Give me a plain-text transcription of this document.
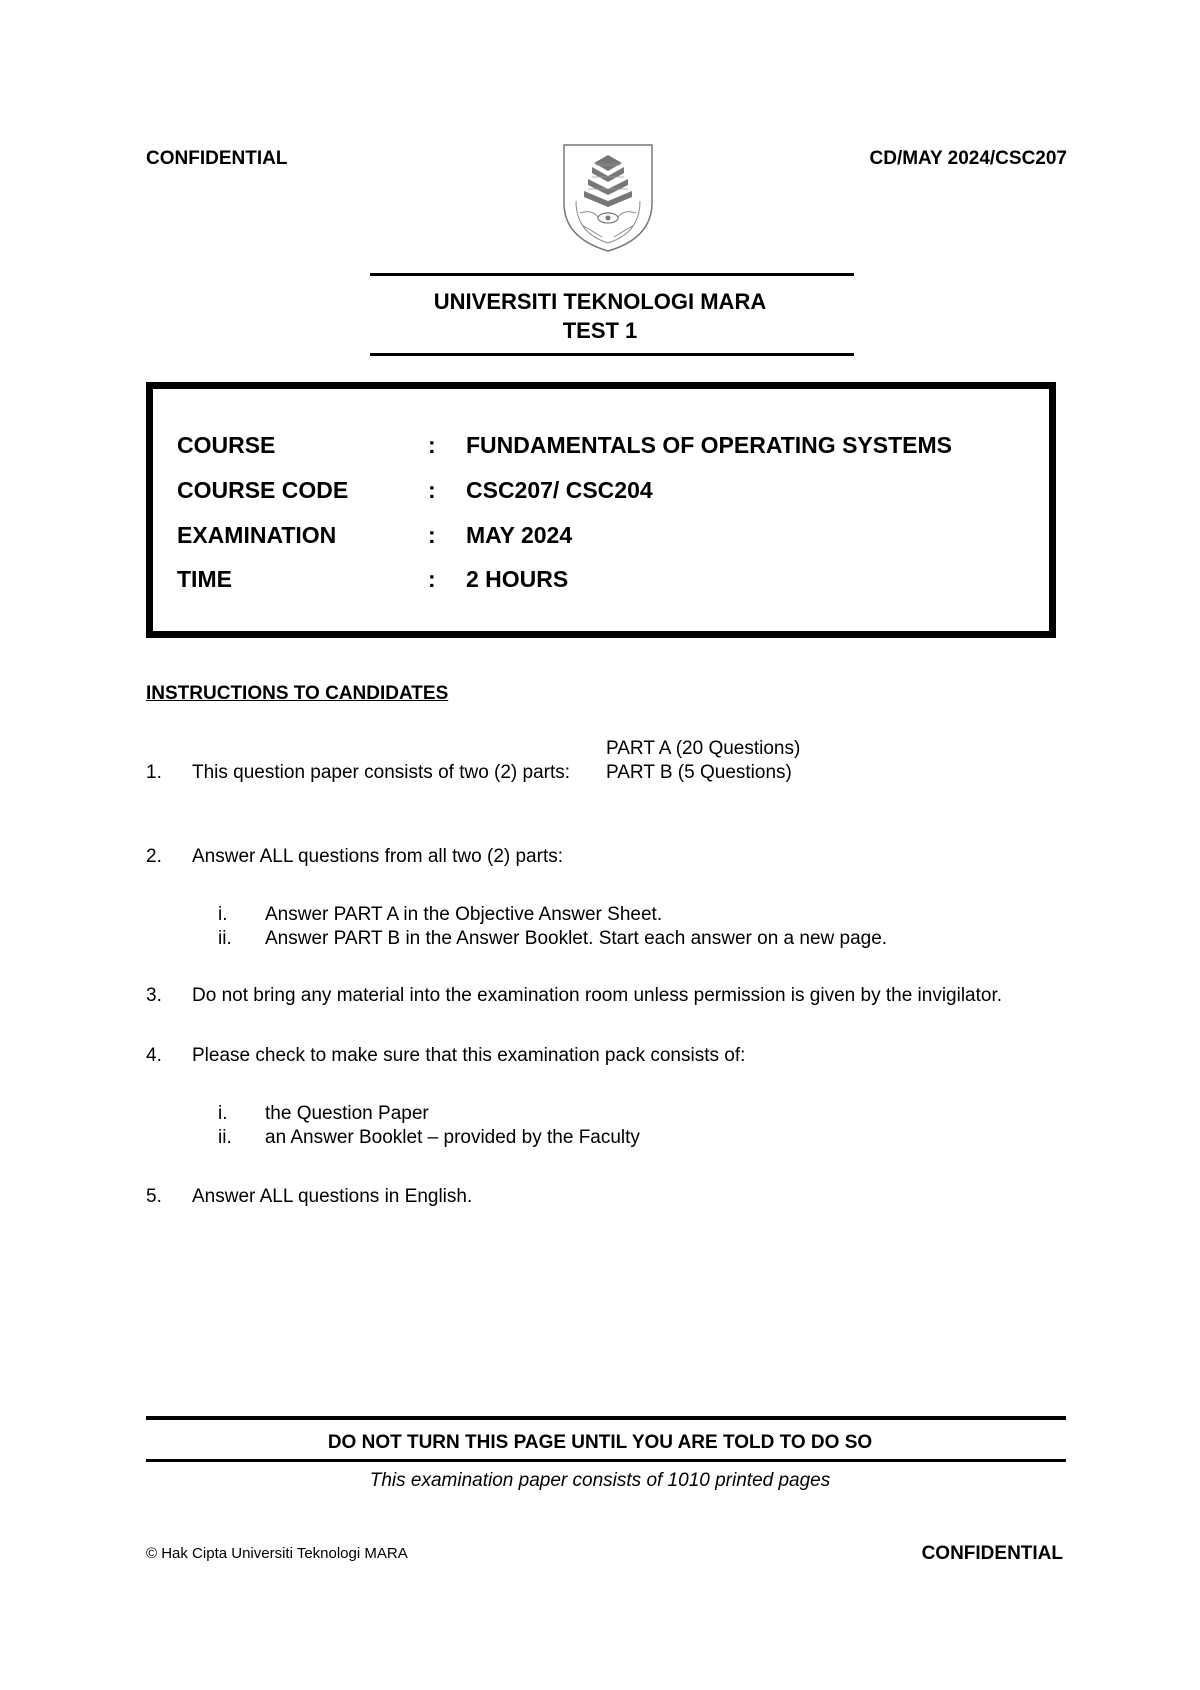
CONFIDENTIAL	CD/MAY 2024/CSC207
UNIVERSITI TEKNOLOGI MARA
TEST 1
COURSE	: FUNDAMENTALS OF OPERATING SYSTEMS
COURSE CODE	: CSC207/ CSC204
EXAMINATION	: MAY 2024
TIME	: 2 HOURS
INSTRUCTIONS TO CANDIDATES
PART A (20 Questions)
1. This question paper consists of two (2) parts: PART B (5 Questions)
2. Answer ALL questions from all two (2) parts:
i. Answer PART A in the Objective Answer Sheet.
ii. Answer PART B in the Answer Booklet. Start each answer on a new page.
3. Do not bring any material into the examination room unless permission is given by the invigilator.
4. Please check to make sure that this examination pack consists of:
i. the Question Paper
ii. an Answer Booklet – provided by the Faculty
5. Answer ALL questions in English.
DO NOT TURN THIS PAGE UNTIL YOU ARE TOLD TO DO SO
This examination paper consists of 1010 printed pages
© Hak Cipta Universiti Teknologi MARA	CONFIDENTIAL
